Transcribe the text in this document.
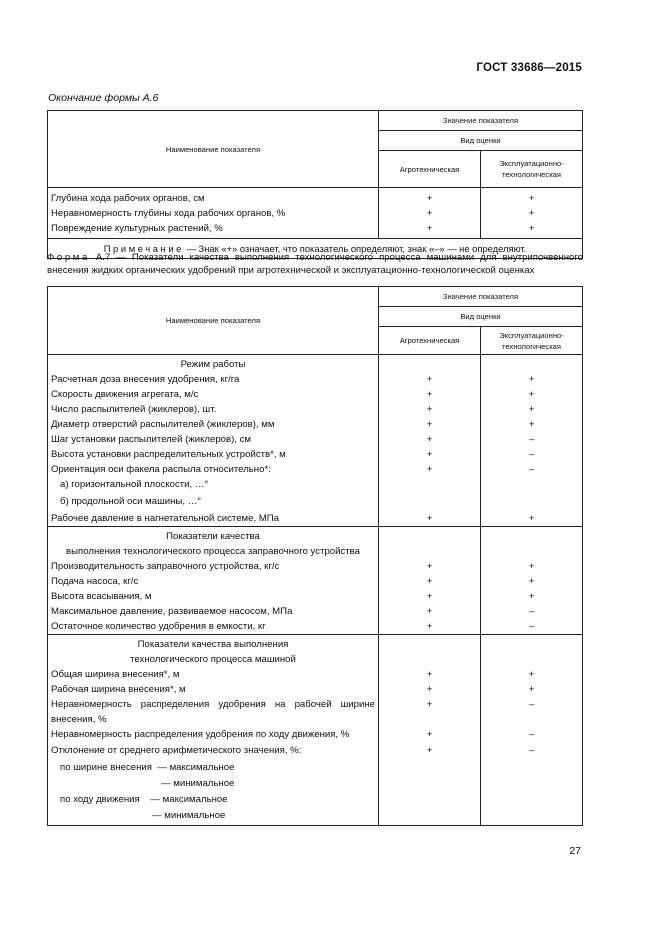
ГОСТ 33686—2015
Окончание формы А.6
Наименование показателя	Значение показателя	
	Вид оценки	
	Агротехническая	Эксплуатационно-
технологическая
Глубина хода рабочих органов, см	+	+
Неравномерность глубины хода рабочих органов, %	+	+
Повреждение культурных растений, %	+	+
Примечание — Знак «+» означает, что показатель определяют, знак «–» — не определяют.		
Форма А.7 — Показатели качества выполнения технологического процесса машинами для внутрипочвенного внесения жидких органических удобрений при агротехнической и эксплуатационно-технологической оценках
Наименование показателя	Значение показателя	
	Вид оценки	
	Агротехническая	Эксплуатационно-
технологическая
Режим работы		
Расчетная доза внесения удобрения, кг/га	+	+
Скорость движения агрегата, м/с	+	+
Число распылителей (жиклеров), шт.	+	+
Диаметр отверстий распылителей (жиклеров), мм	+	+
Шаг установки распылителей (жиклеров), см	+	–
Высота установки распределительных устройств*, м	+	–
Ориентация оси факела распыла относительно*:	+	–
а) горизонтальной плоскости, …°		
б) продольной оси машины, …°		
Рабочее давление в нагнетательной системе, МПа	+	+
Показатели качества
выполнения технологического процесса заправочного устройства		
Производительность заправочного устройства, кг/с	+	+
Подача насоса, кг/с	+	+
Высота всасывания, м	+	+
Максимальное давление, развиваемое насосом, МПа	+	–
Остаточное количество удобрения в емкости, кг	+	–
Показатели качества выполнения
технологического процесса машиной		
Общая ширина внесения*, м	+	+
Рабочая ширина внесения*, м	+	+
Неравномерность распределения удобрения на рабочей ширине внесения, %	+	–
Неравномерность распределения удобрения по ходу движения, %	+	–
Отклонение от среднего арифметического значения, %:	+	–
по ширине внесения — максимальное		
— минимальное		
по ходу движения — максимальное		
— минимальное		
27
